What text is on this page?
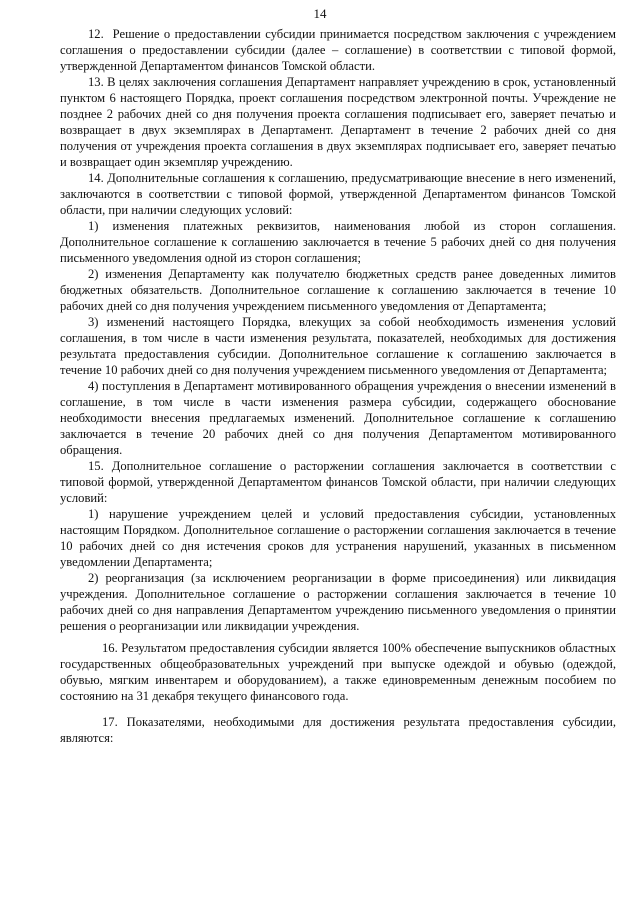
14

12.  Решение о предоставлении субсидии принимается посредством заключения с учреждением соглашения о предоставлении субсидии (далее – соглашение) в соответствии с типовой формой, утвержденной Департаментом финансов Томской области.

13. В целях заключения соглашения Департамент направляет учреждению в срок, установленный пунктом 6 настоящего Порядка, проект соглашения посредством электронной почты. Учреждение не позднее 2 рабочих дней со дня получения проекта соглашения подписывает его, заверяет печатью и возвращает в двух экземплярах в Департамент. Департамент в течение 2 рабочих дней со дня получения от учреждения проекта соглашения в двух экземплярах подписывает его, заверяет печатью и возвращает один экземпляр учреждению.

14. Дополнительные соглашения к соглашению, предусматривающие внесение в него изменений, заключаются в соответствии с типовой формой, утвержденной Департаментом финансов Томской области, при наличии следующих условий:

1) изменения платежных реквизитов, наименования любой из сторон соглашения. Дополнительное соглашение к соглашению заключается в течение 5 рабочих дней со дня получения письменного уведомления одной из сторон соглашения;

2) изменения Департаменту как получателю бюджетных средств ранее доведенных лимитов бюджетных обязательств. Дополнительное соглашение к соглашению заключается в течение 10 рабочих дней со дня получения учреждением письменного уведомления от Департамента;

3) изменений настоящего Порядка, влекущих за собой необходимость изменения условий соглашения, в том числе в части изменения результата, показателей, необходимых для достижения результата предоставления субсидии. Дополнительное соглашение к соглашению заключается в течение 10 рабочих дней со дня получения учреждением письменного уведомления от Департамента;

4) поступления в Департамент мотивированного обращения учреждения о внесении изменений в соглашение, в том числе в части изменения размера субсидии, содержащего обоснование необходимости внесения предлагаемых изменений. Дополнительное соглашение к соглашению заключается в течение 20 рабочих дней со дня получения Департаментом мотивированного обращения.

15. Дополнительное соглашение о расторжении соглашения заключается в соответствии с типовой формой, утвержденной Департаментом финансов Томской области, при наличии следующих условий:

1) нарушение учреждением целей и условий предоставления субсидии, установленных настоящим Порядком. Дополнительное соглашение о расторжении соглашения заключается в течение 10 рабочих дней со дня истечения сроков для устранения нарушений, указанных в письменном уведомлении Департамента;

2) реорганизация (за исключением реорганизации в форме присоединения) или ликвидация учреждения. Дополнительное соглашение о расторжении соглашения заключается в течение 10 рабочих дней со дня направления Департаментом учреждению письменного уведомления о принятии решения о реорганизации или ликвидации учреждения.

16. Результатом предоставления субсидии является 100% обеспечение выпускников областных государственных общеобразовательных учреждений при выпуске одеждой и обувью (одеждой, обувью, мягким инвентарем и оборудованием), а также единовременным денежным пособием по состоянию на 31 декабря текущего финансового года.

17. Показателями, необходимыми для достижения результата предоставления субсидии, являются:
